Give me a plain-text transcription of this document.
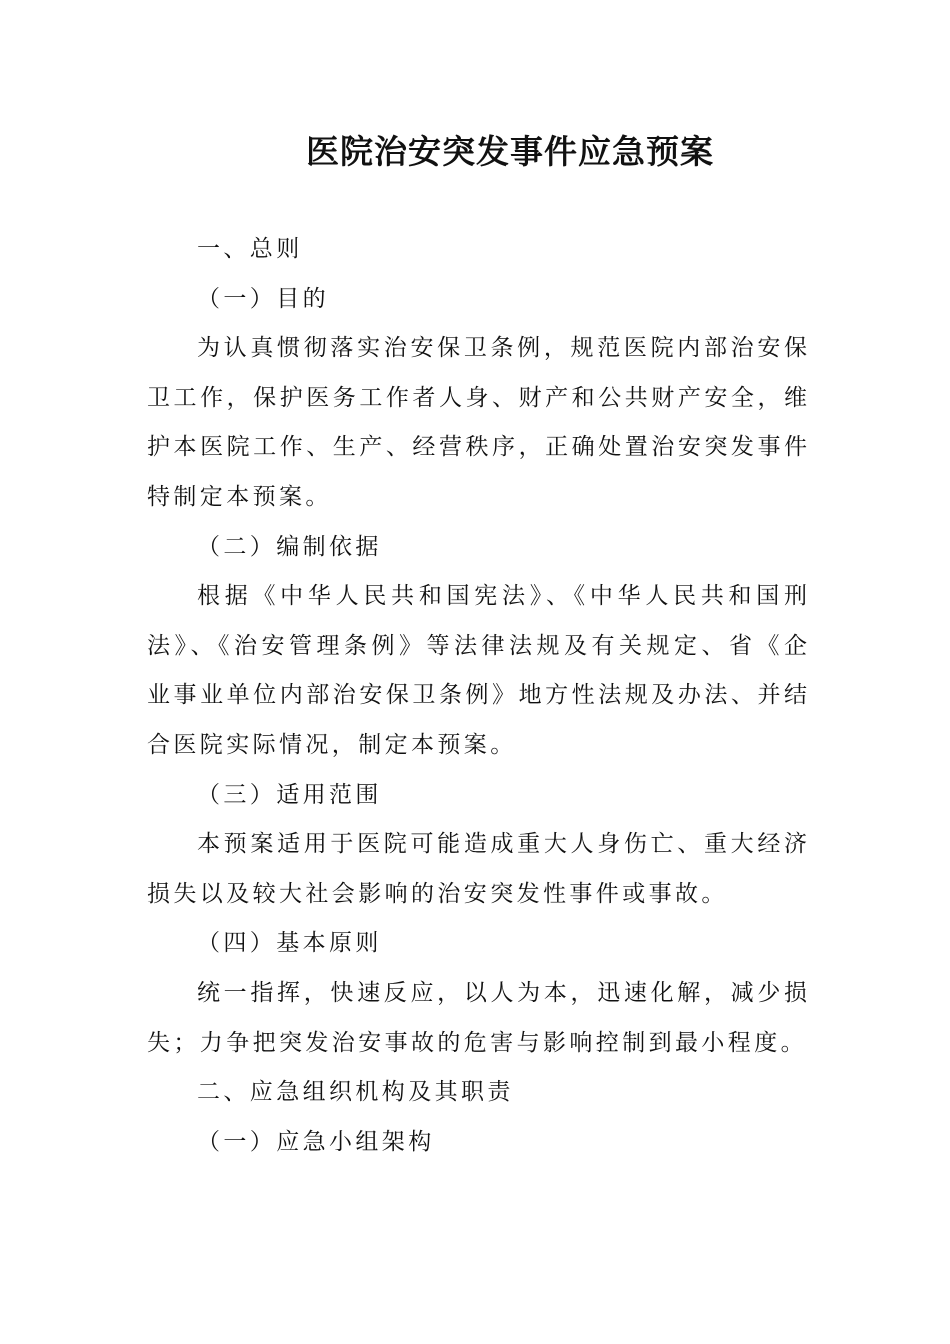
医院治安突发事件应急预案
一、总则
（一）目的
为认真惯彻落实治安保卫条例，规范医院内部治安保
卫工作，保护医务工作者人身、财产和公共财产安全，维
护本医院工作、生产、经营秩序，正确处置治安突发事件
特制定本预案。
（二）编制依据
根据《中华人民共和国宪法》、《中华人民共和国刑
法》、《治安管理条例》等法律法规及有关规定、省《企
业事业单位内部治安保卫条例》地方性法规及办法、并结
合医院实际情况，制定本预案。
（三）适用范围
本预案适用于医院可能造成重大人身伤亡、重大经济
损失以及较大社会影响的治安突发性事件或事故。
（四）基本原则
统一指挥，快速反应，以人为本，迅速化解，减少损
失；力争把突发治安事故的危害与影响控制到最小程度。
二、应急组织机构及其职责
（一）应急小组架构
